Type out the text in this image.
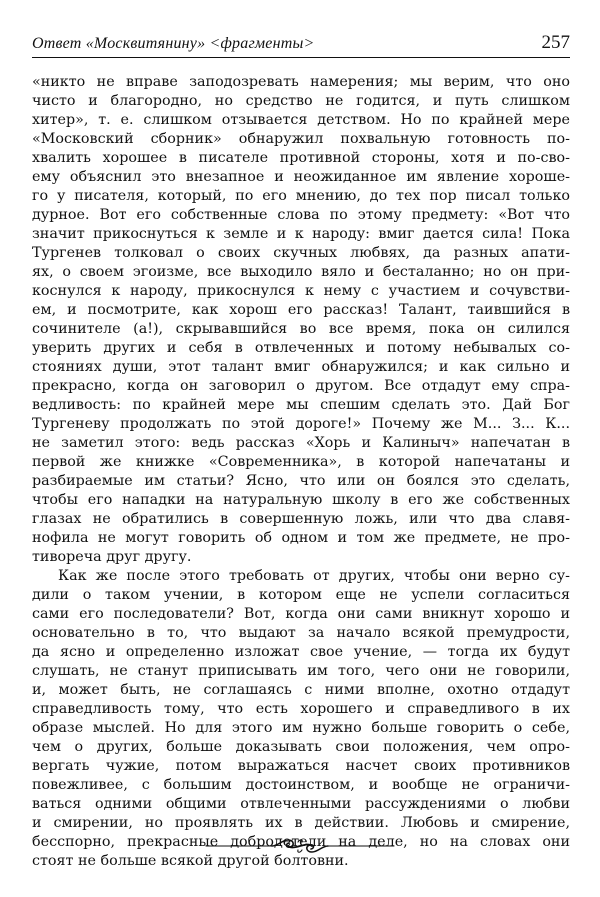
Ответ «Москвитянину» <фрагменты>	257
«никто не вправе заподозревать намерения; мы верим, что оно
чисто и благородно, но средство не годится, и путь слишком
хитер», т. е. слишком отзывается детством. Но по крайней мере
«Московский сборник» обнаружил похвальную готовность по-
хвалить хорошее в писателе противной стороны, хотя и по-сво-
ему объяснил это внезапное и неожиданное им явление хороше-
го у писателя, который, по его мнению, до тех пор писал только
дурное. Вот его собственные слова по этому предмету: «Вот что
значит прикоснуться к земле и к народу: вмиг дается сила! Пока
Тургенев толковал о своих скучных любвях, да разных апати-
ях, о своем эгоизме, все выходило вяло и бесталанно; но он при-
коснулся к народу, прикоснулся к нему с участием и сочувстви-
ем, и посмотрите, как хорош его рассказ! Талант, таившийся в
сочинителе (а!), скрывавшийся во все время, пока он силился
уверить других и себя в отвлеченных и потому небывалых со-
стояниях души, этот талант вмиг обнаружился; и как сильно и
прекрасно, когда он заговорил о другом. Все отдадут ему спра-
ведливость: по крайней мере мы спешим сделать это. Дай Бог
Тургеневу продолжать по этой дороге!» Почему же М... З... К...
не заметил этого: ведь рассказ «Хорь и Калиныч» напечатан в
первой же книжке «Современника», в которой напечатаны и
разбираемые им статьи? Ясно, что или он боялся это сделать,
чтобы его нападки на натуральную школу в его же собственных
глазах не обратились в совершенную ложь, или что два славя-
нофила не могут говорить об одном и том же предмете, не про-
тивореча друг другу.
Как же после этого требовать от других, чтобы они верно су-
дили о таком учении, в котором еще не успели согласиться
сами его последователи? Вот, когда они сами вникнут хорошо и
основательно в то, что выдают за начало всякой премудрости,
да ясно и определенно изложат свое учение, — тогда их будут
слушать, не станут приписывать им того, чего они не говорили,
и, может быть, не соглашаясь с ними вполне, охотно отдадут
справедливость тому, что есть хорошего и справедливого в их
образе мыслей. Но для этого им нужно больше говорить о себе,
чем о других, больше доказывать свои положения, чем опро-
вергать чужие, потом выражаться насчет своих противников
повежливее, с большим достоинством, и вообще не ограничи-
ваться одними общими отвлеченными рассуждениями о любви
и смирении, но проявлять их в действии. Любовь и смирение,
бесспорно, прекрасные добродетели на деле, но на словах они
стоят не больше всякой другой болтовни.
